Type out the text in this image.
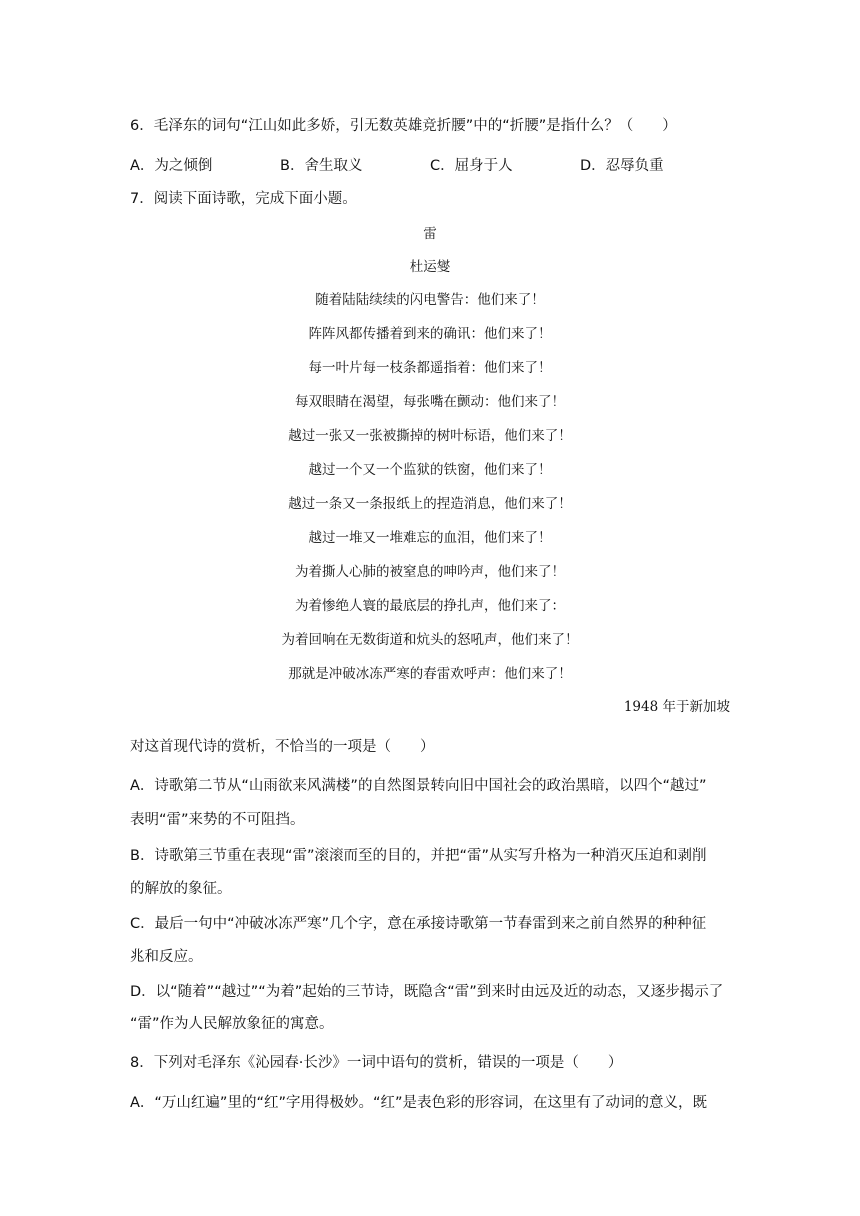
6．毛泽东的词句“江山如此多娇，引无数英雄竞折腰”中的“折腰”是指什么？（　　）
A．为之倾倒	B．舍生取义	C．屈身于人	D．忍辱负重
7．阅读下面诗歌，完成下面小题。
雷
杜运燮
随着陆陆续续的闪电警告：他们来了！
阵阵风都传播着到来的确讯：他们来了！
每一叶片每一枝条都遥指着：他们来了！
每双眼睛在渴望，每张嘴在颤动：他们来了！
越过一张又一张被撕掉的树叶标语，他们来了！
越过一个又一个监狱的铁窗，他们来了！
越过一条又一条报纸上的捏造消息，他们来了！
越过一堆又一堆难忘的血泪，他们来了！
为着撕人心肺的被窒息的呻吟声，他们来了！
为着惨绝人寰的最底层的挣扎声，他们来了：
为着回响在无数街道和炕头的怒吼声，他们来了！
那就是冲破冰冻严寒的春雷欢呼声：他们来了！
1948 年于新加坡
对这首现代诗的赏析，不恰当的一项是（　　）
A．诗歌第二节从“山雨欲来风满楼”的自然图景转向旧中国社会的政治黑暗，以四个“越过”
表明“雷”来势的不可阻挡。
B．诗歌第三节重在表现“雷”滚滚而至的目的，并把“雷”从实写升格为一种消灭压迫和剥削
的解放的象征。
C．最后一句中“冲破冰冻严寒”几个字，意在承接诗歌第一节春雷到来之前自然界的种种征
兆和反应。
D．以“随着”“越过”“为着”起始的三节诗，既隐含“雷”到来时由远及近的动态，又逐步揭示了
“雷”作为人民解放象征的寓意。
8．下列对毛泽东《沁园春·长沙》一词中语句的赏析，错误的一项是（　　）
A．“万山红遍”里的“红”字用得极妙。“红”是表色彩的形容词，在这里有了动词的意义，既
